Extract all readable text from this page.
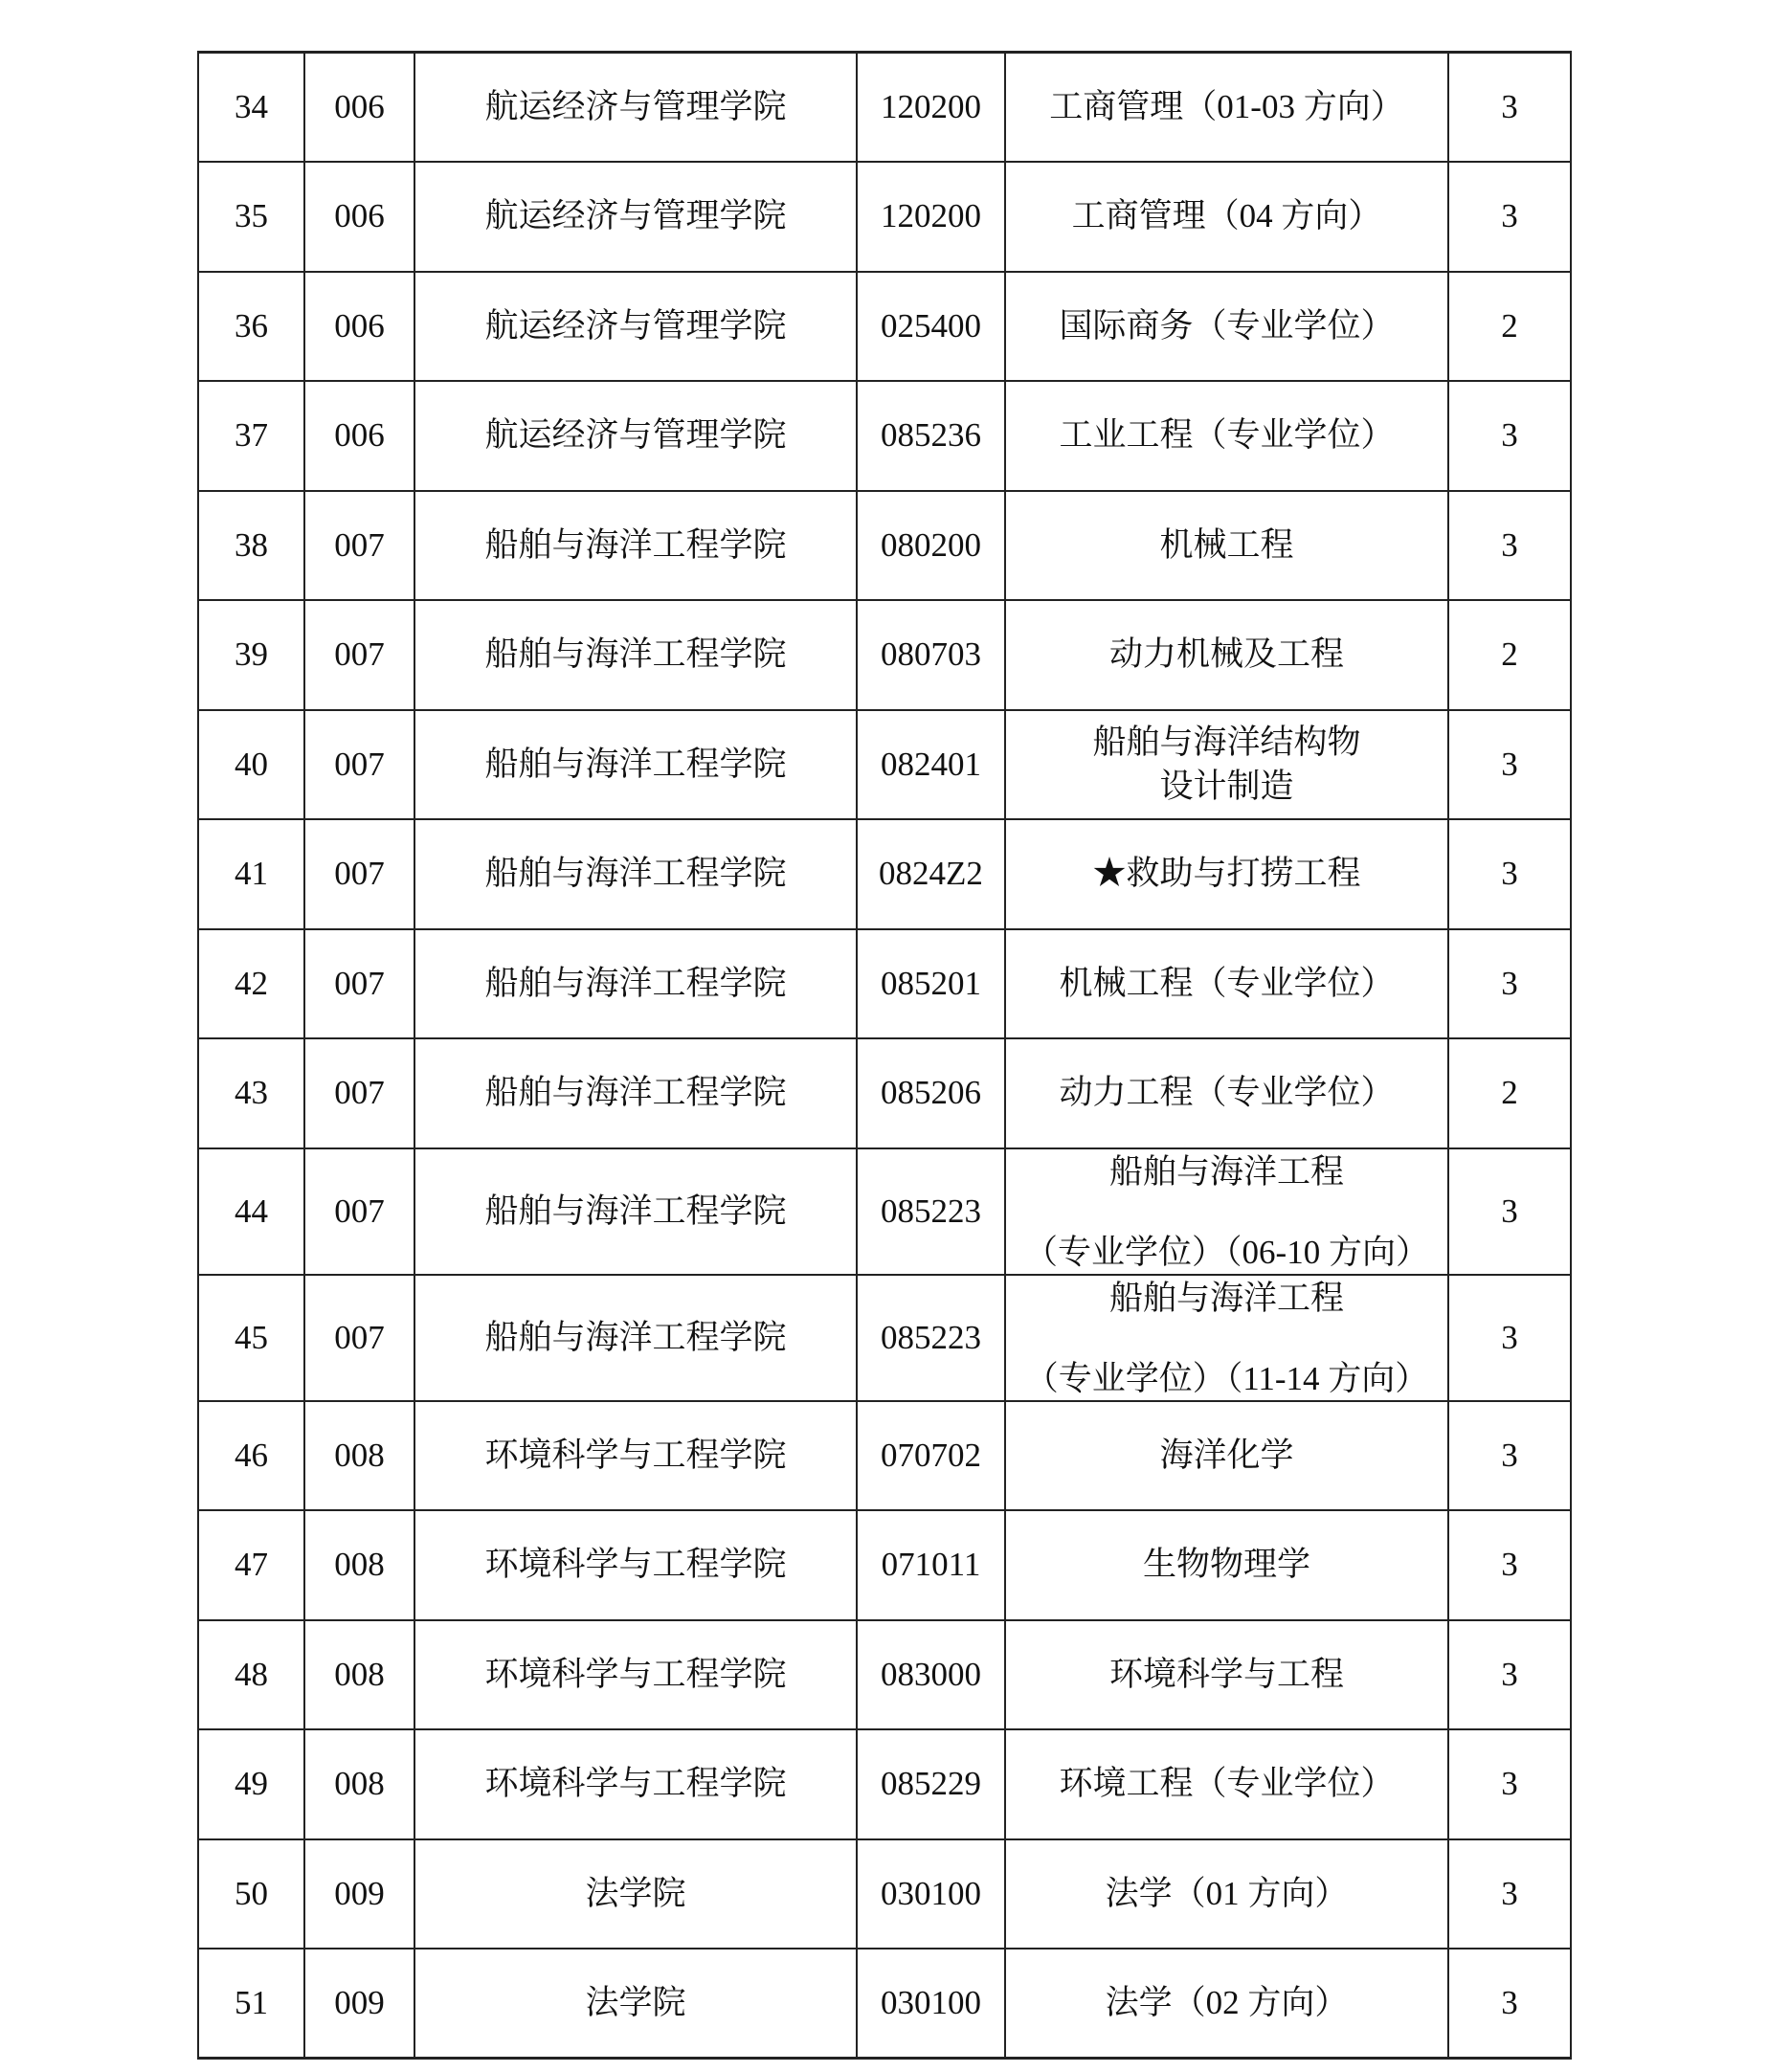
34	006	航运经济与管理学院	120200	工商管理（01-03 方向）	3
35	006	航运经济与管理学院	120200	工商管理（04 方向）	3
36	006	航运经济与管理学院	025400	国际商务（专业学位）	2
37	006	航运经济与管理学院	085236	工业工程（专业学位）	3
38	007	船舶与海洋工程学院	080200	机械工程	3
39	007	船舶与海洋工程学院	080703	动力机械及工程	2
40	007	船舶与海洋工程学院	082401	船舶与海洋结构物
设计制造	3
41	007	船舶与海洋工程学院	0824Z2	★救助与打捞工程	3
42	007	船舶与海洋工程学院	085201	机械工程（专业学位）	3
43	007	船舶与海洋工程学院	085206	动力工程（专业学位）	2
44	007	船舶与海洋工程学院	085223	船舶与海洋工程
（专业学位）（06-10 方向）	3
45	007	船舶与海洋工程学院	085223	船舶与海洋工程
（专业学位）（11-14 方向）	3
46	008	环境科学与工程学院	070702	海洋化学	3
47	008	环境科学与工程学院	071011	生物物理学	3
48	008	环境科学与工程学院	083000	环境科学与工程	3
49	008	环境科学与工程学院	085229	环境工程（专业学位）	3
50	009	法学院	030100	法学（01 方向）	3
51	009	法学院	030100	法学（02 方向）	3
